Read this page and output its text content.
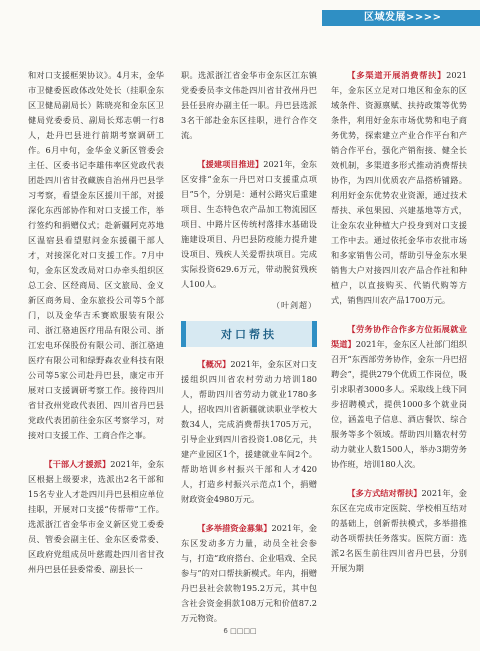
区域发展>>>>

和对口支援框架协议》。4月末，金华市卫健委医政体改处处长（挂职金东区卫健局副局长）陈晓亮和金东区卫健局党委委员、副局长郑志朝一行8人，赴丹巴县进行前期考察调研工作。6月中旬，金华金义新区管委会主任、区委书记李雄伟率区党政代表团赴四川省甘孜藏族自治州丹巴县学习考察，看望金东区援川干部，对援深化东西部协作和对口支援工作，举行签约和捐赠仪式；赴新疆阿克苏地区温宿县看望慰问金东援疆干部人才，对接深化对口支援工作。7月中旬，金东区发改局对口办牵头组织区总工会、区经商局、区文旅局、金义新区商务局、金东旅投公司等5个部门，以及金华吉禾赛欧服装有限公司、浙江骆迪医疗用品有限公司、浙江宏电环保股份有限公司、浙江骆迪医疗有限公司和绿野森农业科技有限公司等5家公司赴丹巴县，康定市开展对口支援调研考察工作。接待四川省甘孜州党政代表团、四川省丹巴县党政代表团前往金东区考察学习，对接对口支援工作、工商合作之事。

【干部人才援派】2021年，金东区根据上级要求，选派出2名干部和15名专业人才赴四川丹巴县相应单位挂职，开展对口支援“传帮带”工作。选派浙江省金华市金义新区党工委委员、管委会副主任、金东区委常委、区政府党组成员叶慈霞赴四川省甘孜州丹巴县任县委常委、副县长一

职。选派浙江省金华市金东区江东镇党委委员李文伟赴四川省甘孜州丹巴县任县府办副主任一职。丹巴县选派3名干部赴金东区挂职，进行合作交流。

【援建项目推进】2021年，金东区安排“金东一丹巴对口支援重点项目”5个，分别是：通村公路灾后重建项目、生态特色农产品加工物流园区项目、中路片区传统村落排水基础设施建设项目、丹巴县防疫能力提升建设项目、残疾人关爱帮扶项目。完成实际投资629.6万元，带动脱贫残疾人100人。

（叶剑超）
对口帮扶

【概况】2021年，金东区对口支援组织四川省农村劳动力培训180人，帮助四川省劳动力就业1780多人，招收四川省新疆就读职业学校大数34人，完成消费帮扶1705万元，引导企业到四川省投资1.08亿元，共建产业园区1个，援建就业车间2个。帮助培训乡村振兴干部和人才420人，打造乡村振兴示范点1个，捐赠财政资金4980万元。

【多举措资金募集】2021年，金东区发动多方力量，动员全社会参与，打造“政府搭台、企业唱戏、全民参与”的对口帮扶新模式。年内，捐赠丹巴县社会款物195.2万元，其中包含社会资金捐款108万元和价值87.2万元物资。

【多渠道开展消费帮扶】2021年，金东区立足对口地区和金东的区域条件、资源禀赋、扶持政策等优势条件，利用好金东市场优势和电子商务优势，探索建立产业合作平台和产销合作平台，强化产销衔接、健全长效机制，多渠道多形式推动消费帮扶协作，为四川优质农产品搭桥铺路。利用好金东优势农业资源，通过技术帮扶、承包果园、兴建基地等方式，让金东农业种植大户投身到对口支援工作中去。通过依托金华市农批市场和多家销售公司，帮助引导金东水果销售大户对接四川农产品合作社和种植户，以直接购买、代销代购等方式，销售四川农产品1700万元。

【劳务协作合作多方位拓展就业渠道】2021年，金东区人社部门组织召开“东西部劳务协作，金东一丹巴招聘会”，提供279个优质工作岗位，吸引求职者3000多人。采取线上线下同步招聘模式，提供1000多个就业岗位，涵盖电子信息、酒店餐饮、综合服务等多个领域。帮助四川籍农村劳动力就业人数1500人，举办3期劳务协作班，培训180人次。

【多方式结对帮扶】2021年，金东区在完成市定医院、学校相互结对的基础上，创新帮扶模式，多举措推动各项帮扶任务落实。医院方面：选派2名医生前往四川省丹巴县，分别开展为期

6 □□□□
